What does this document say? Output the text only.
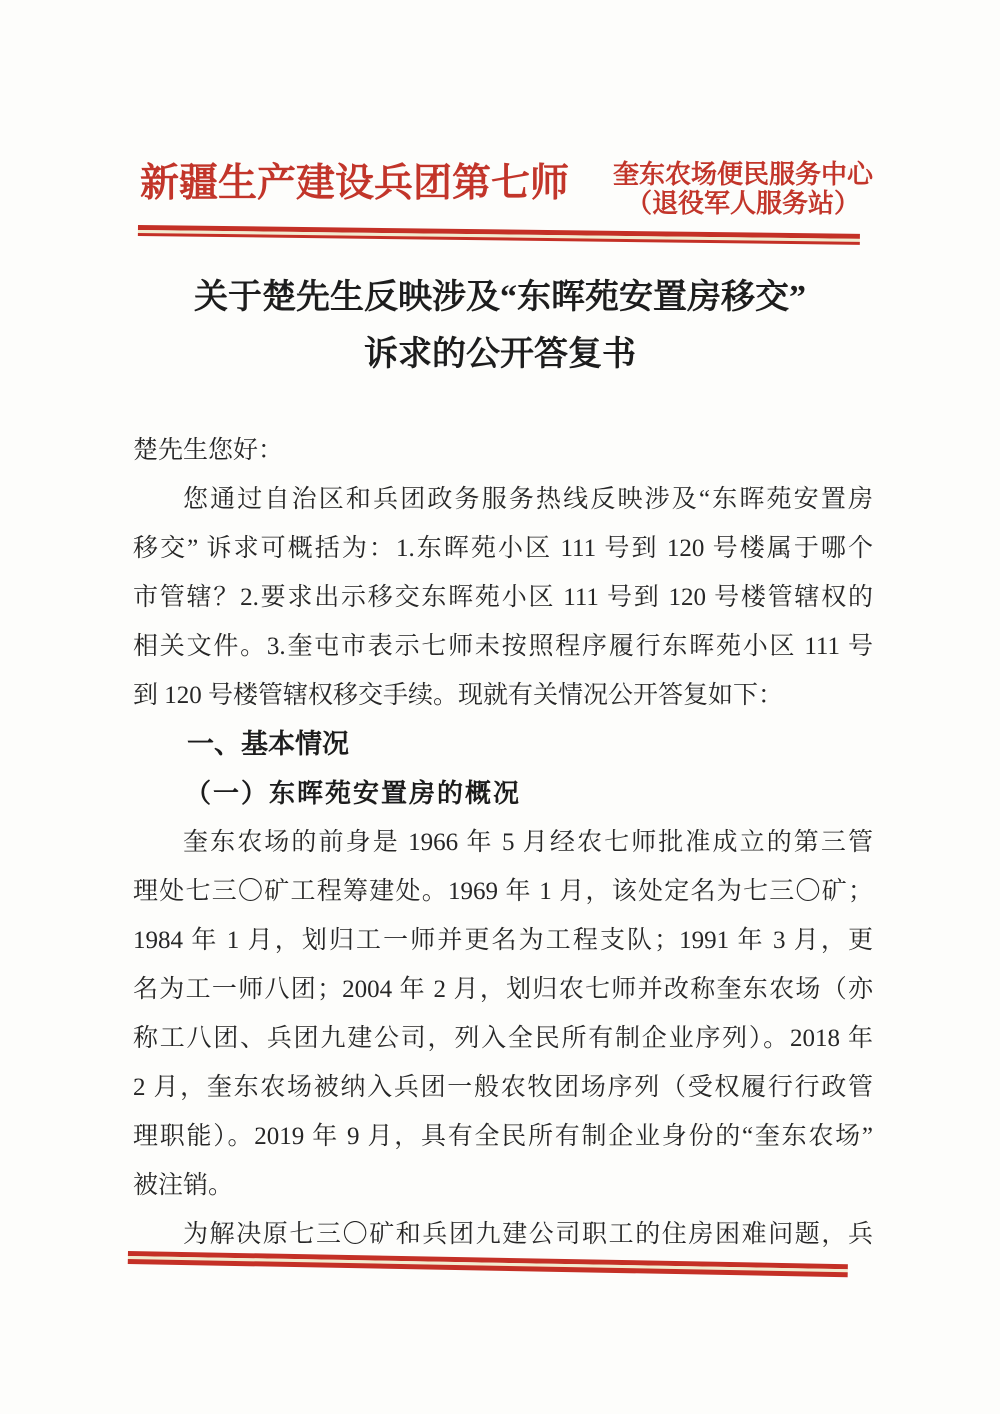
新疆生产建设兵团第七师 奎东农场便民服务中心
（退役军人服务站）
关于楚先生反映涉及“东晖苑安置房移交”
诉求的公开答复书
楚先生您好：
您通过自治区和兵团政务服务热线反映涉及“东晖苑安置房
移交” 诉求可概括为：1.东晖苑小区 111 号到 120 号楼属于哪个
市管辖？2.要求出示移交东晖苑小区 111 号到 120 号楼管辖权的
相关文件。3.奎屯市表示七师未按照程序履行东晖苑小区 111 号
到 120 号楼管辖权移交手续。现就有关情况公开答复如下：
一、基本情况
（一）东晖苑安置房的概况
奎东农场的前身是 1966 年 5 月经农七师批准成立的第三管
理处七三〇矿工程筹建处。1969 年 1 月，该处定名为七三〇矿；
1984 年 1 月，划归工一师并更名为工程支队；1991 年 3 月，更
名为工一师八团；2004 年 2 月，划归农七师并改称奎东农场（亦
称工八团、兵团九建公司，列入全民所有制企业序列）。2018 年
2 月，奎东农场被纳入兵团一般农牧团场序列（受权履行行政管
理职能）。2019 年 9 月，具有全民所有制企业身份的“奎东农场”
被注销。
为解决原七三〇矿和兵团九建公司职工的住房困难问题，兵
